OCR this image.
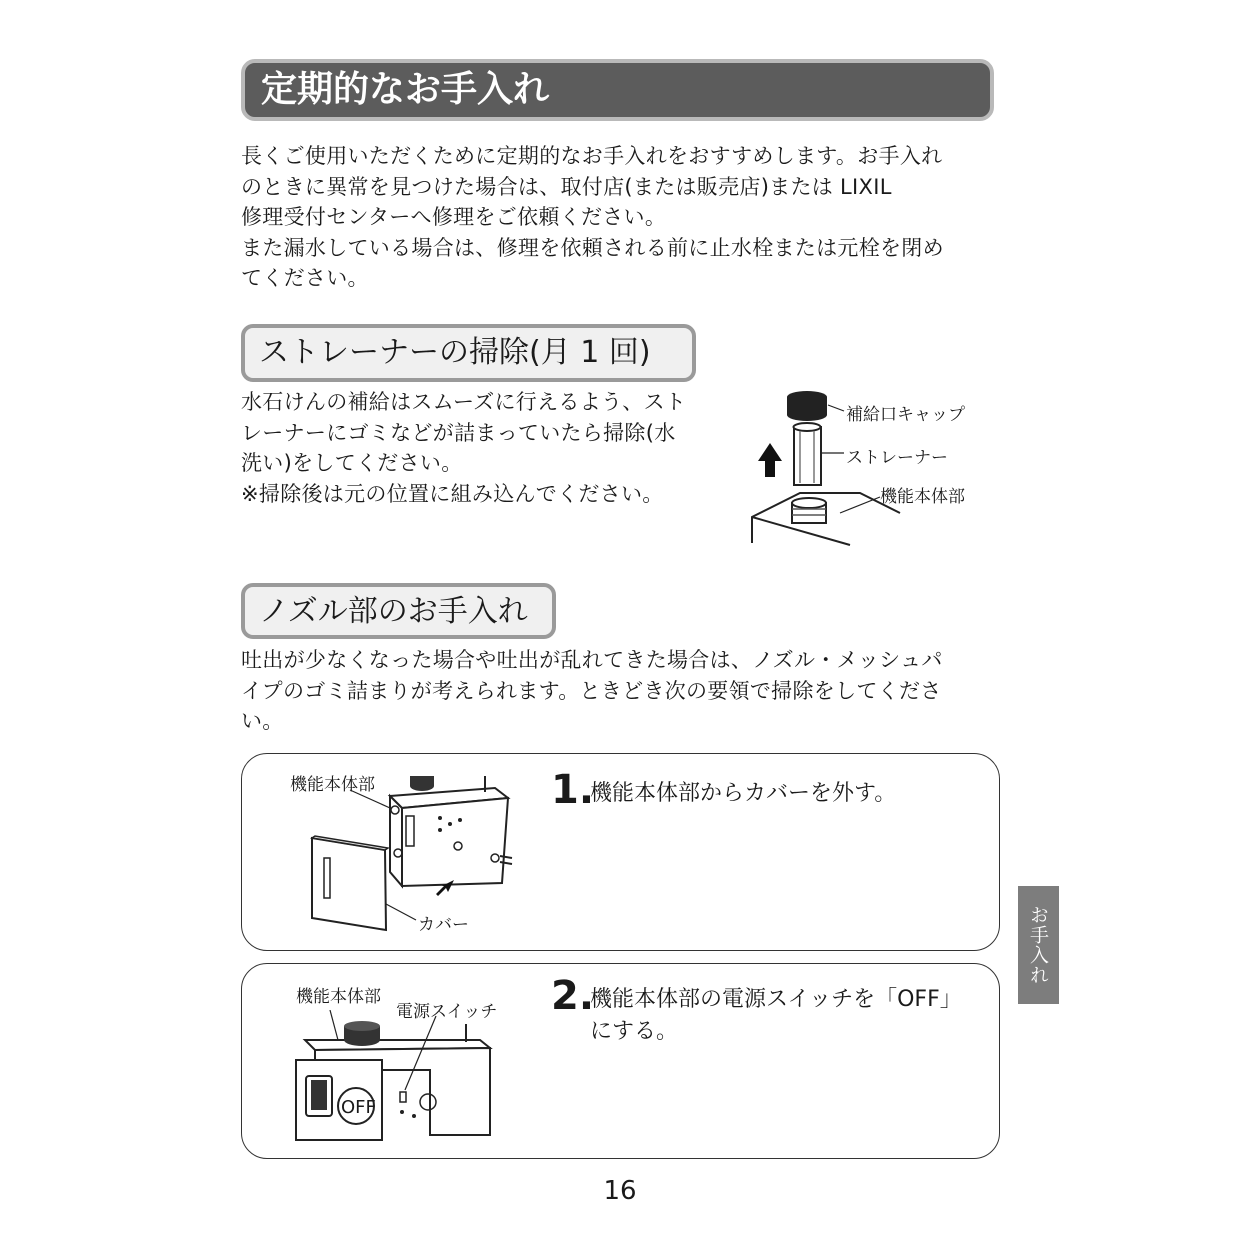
定期的なお手入れ
長くご使用いただくために定期的なお手入れをおすすめします。お手入れ
のときに異常を見つけた場合は、取付店(または販売店)または LIXIL
修理受付センターへ修理をご依頼ください。
また漏水している場合は、修理を依頼される前に止水栓または元栓を閉め
てください。
ストレーナーの掃除(月 1 回)
水石けんの補給はスムーズに行えるよう、スト
レーナーにゴミなどが詰まっていたら掃除(水
洗い)をしてください。
※掃除後は元の位置に組み込んでください。
補給口キャップ
ストレーナー
機能本体部
ノズル部のお手入れ
吐出が少なくなった場合や吐出が乱れてきた場合は、ノズル・メッシュパ
イプのゴミ詰まりが考えられます。ときどき次の要領で掃除をしてくださ
い。
機能本体部
カバー
1.
機能本体部からカバーを外す。
OFF
機能本体部
電源スイッチ 2.
機能本体部の電源スイッチを「OFF」
にする。
お手入れ
16
